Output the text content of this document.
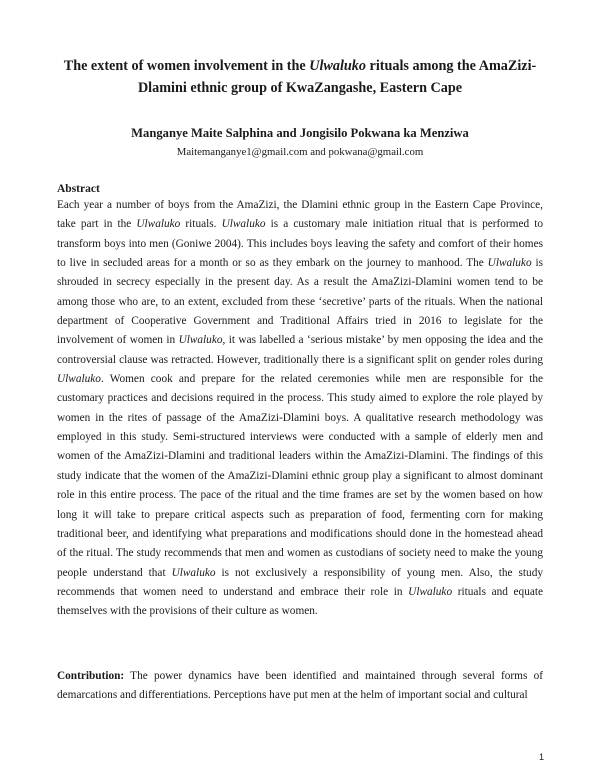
The extent of women involvement in the Ulwaluko rituals among the AmaZizi-Dlamini ethnic group of KwaZangashe, Eastern Cape
Manganye Maite Salphina and Jongisilo Pokwana ka Menziwa
Maitemanganye1@gmail.com and pokwana@gmail.com
Abstract

Each year a number of boys from the AmaZizi, the Dlamini ethnic group in the Eastern Cape Province, take part in the Ulwaluko rituals. Ulwaluko is a customary male initiation ritual that is performed to transform boys into men (Goniwe 2004). This includes boys leaving the safety and comfort of their homes to live in secluded areas for a month or so as they embark on the journey to manhood. The Ulwaluko is shrouded in secrecy especially in the present day. As a result the AmaZizi-Dlamini women tend to be among those who are, to an extent, excluded from these ‘secretive’ parts of the rituals. When the national department of Cooperative Government and Traditional Affairs tried in 2016 to legislate for the involvement of women in Ulwaluko, it was labelled a ‘serious mistake’ by men opposing the idea and the controversial clause was retracted. However, traditionally there is a significant split on gender roles during Ulwaluko. Women cook and prepare for the related ceremonies while men are responsible for the customary practices and decisions required in the process. This study aimed to explore the role played by women in the rites of passage of the AmaZizi-Dlamini boys. A qualitative research methodology was employed in this study. Semi-structured interviews were conducted with a sample of elderly men and women of the AmaZizi-Dlamini and traditional leaders within the AmaZizi-Dlamini. The findings of this study indicate that the women of the AmaZizi-Dlamini ethnic group play a significant to almost dominant role in this entire process. The pace of the ritual and the time frames are set by the women based on how long it will take to prepare critical aspects such as preparation of food, fermenting corn for making traditional beer, and identifying what preparations and modifications should done in the homestead ahead of the ritual. The study recommends that men and women as custodians of society need to make the young people understand that Ulwaluko is not exclusively a responsibility of young men. Also, the study recommends that women need to understand and embrace their role in Ulwaluko rituals and equate themselves with the provisions of their culture as women.

Contribution: The power dynamics have been identified and maintained through several forms of demarcations and differentiations. Perceptions have put men at the helm of important social and cultural

1
